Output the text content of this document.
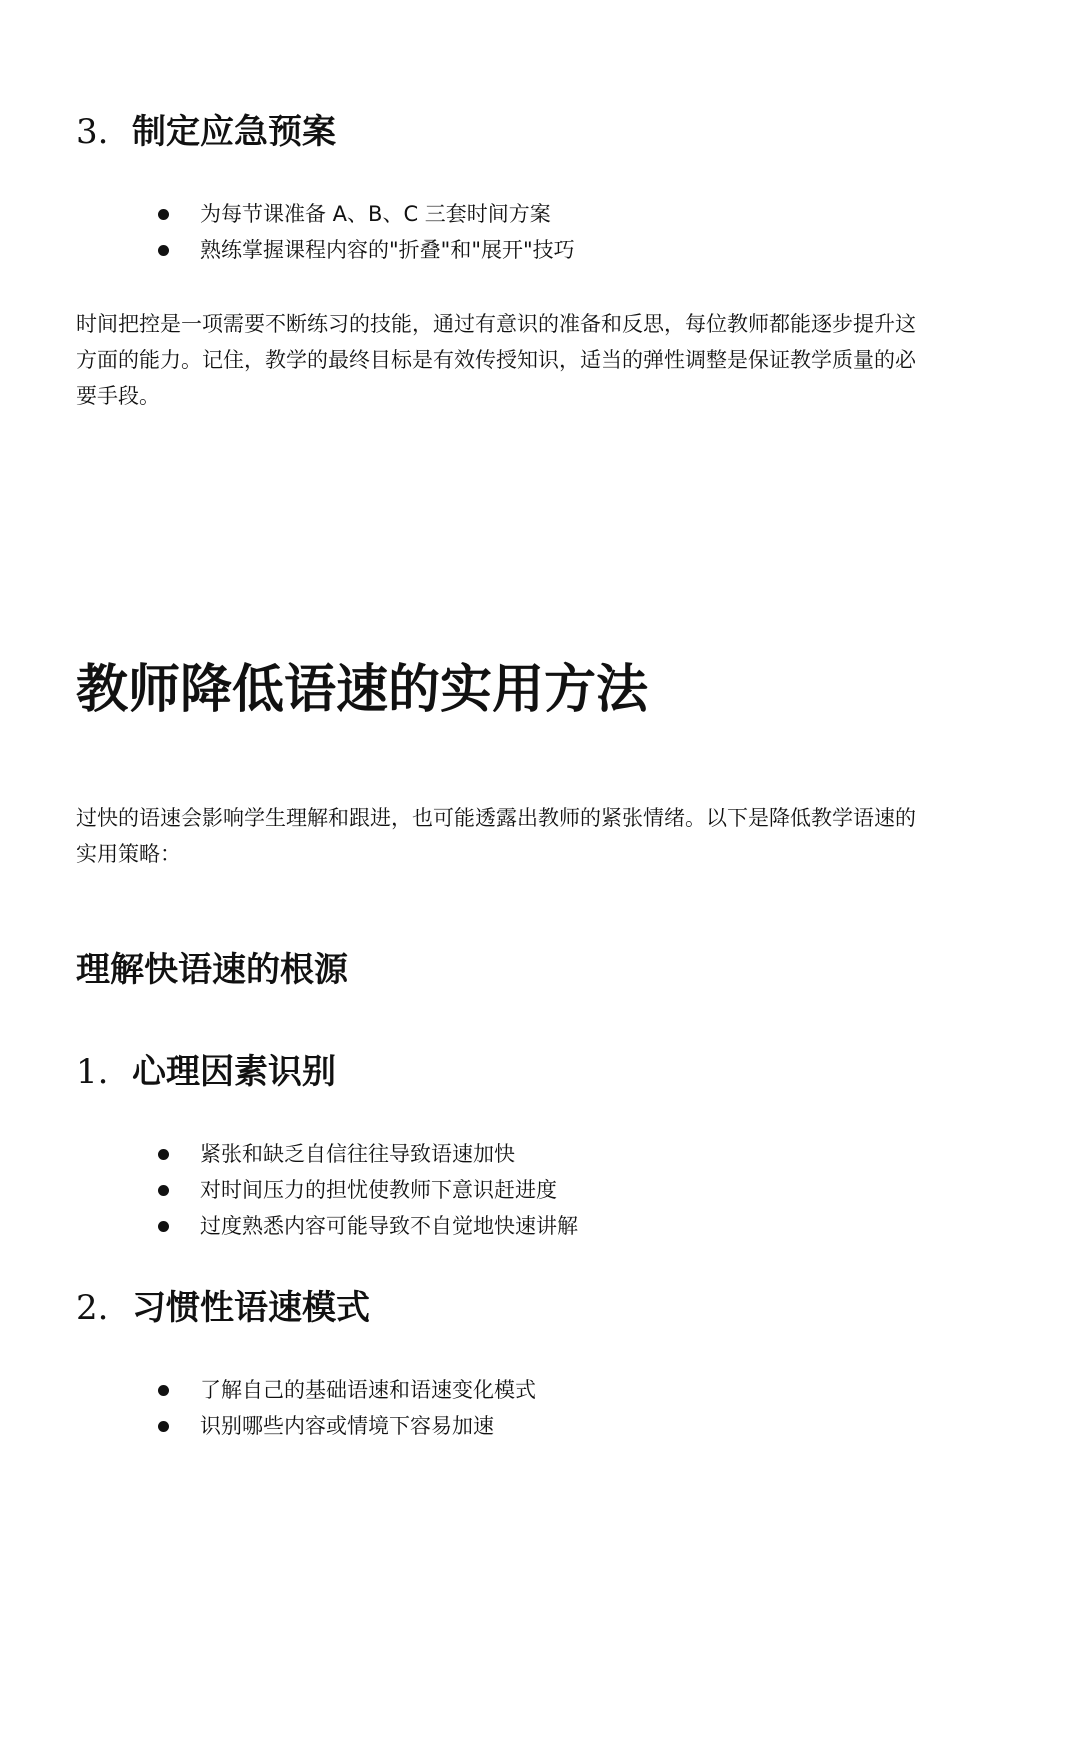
3. 制定应急预案
为每节课准备 A、B、C 三套时间方案
熟练掌握课程内容的"折叠"和"展开"技巧
时间把控是一项需要不断练习的技能，通过有意识的准备和反思，每位教师都能逐步提升这
方面的能力。记住，教学的最终目标是有效传授知识，适当的弹性调整是保证教学质量的必
要手段。
教师降低语速的实用方法
过快的语速会影响学生理解和跟进，也可能透露出教师的紧张情绪。以下是降低教学语速的
实用策略：
理解快语速的根源
1. 心理因素识别
紧张和缺乏自信往往导致语速加快
对时间压力的担忧使教师下意识赶进度
过度熟悉内容可能导致不自觉地快速讲解
2. 习惯性语速模式
了解自己的基础语速和语速变化模式
识别哪些内容或情境下容易加速
